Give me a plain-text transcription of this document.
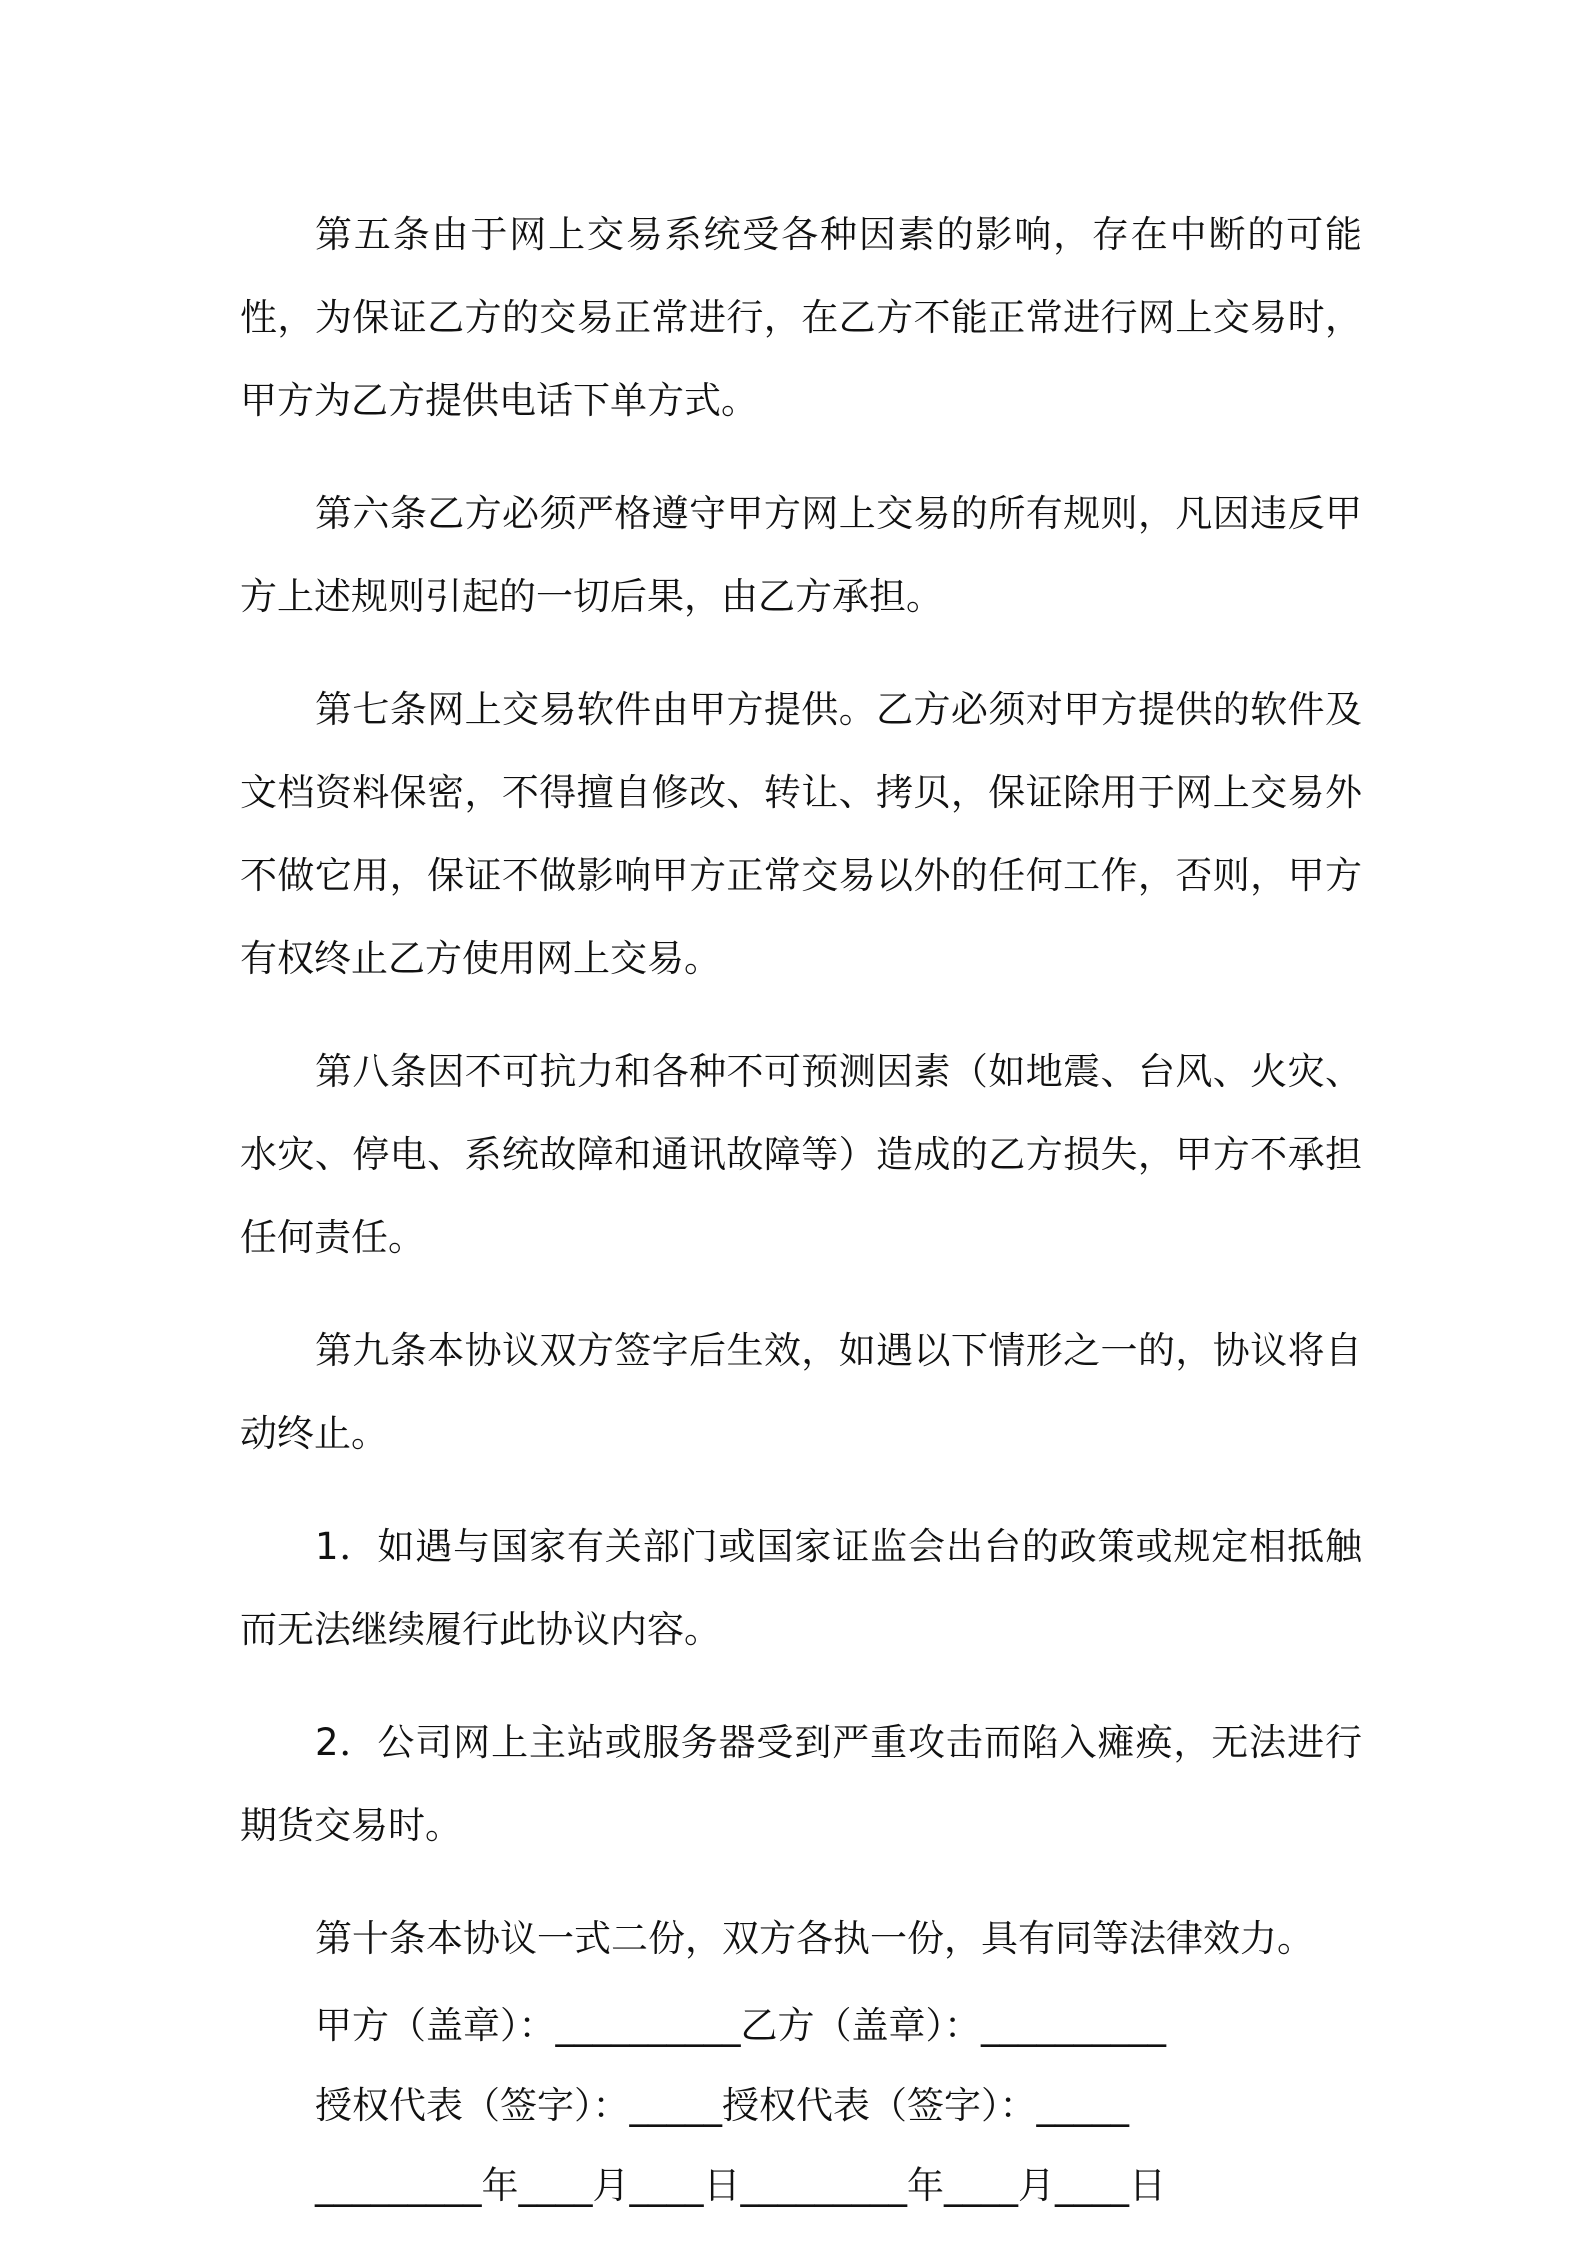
第五条由于网上交易系统受各种因素的影响，存在中断的可能性，为保证乙方的交易正常进行，在乙方不能正常进行网上交易时，甲方为乙方提供电话下单方式。

第六条乙方必须严格遵守甲方网上交易的所有规则，凡因违反甲方上述规则引起的一切后果，由乙方承担。

第七条网上交易软件由甲方提供。乙方必须对甲方提供的软件及文档资料保密，不得擅自修改、转让、拷贝，保证除用于网上交易外不做它用，保证不做影响甲方正常交易以外的任何工作，否则，甲方有权终止乙方使用网上交易。

第八条因不可抗力和各种不可预测因素（如地震、台风、火灾、水灾、停电、系统故障和通讯故障等）造成的乙方损失，甲方不承担任何责任。

第九条本协议双方签字后生效，如遇以下情形之一的，协议将自动终止。

1．如遇与国家有关部门或国家证监会出台的政策或规定相抵触而无法继续履行此协议内容。

2．公司网上主站或服务器受到严重攻击而陷入瘫痪，无法进行期货交易时。

第十条本协议一式二份，双方各执一份，具有同等法律效力。

甲方（盖章）：__________乙方（盖章）：__________
授权代表（签字）：_____授权代表（签字）：_____
_________年____月____日_________年____月____日
